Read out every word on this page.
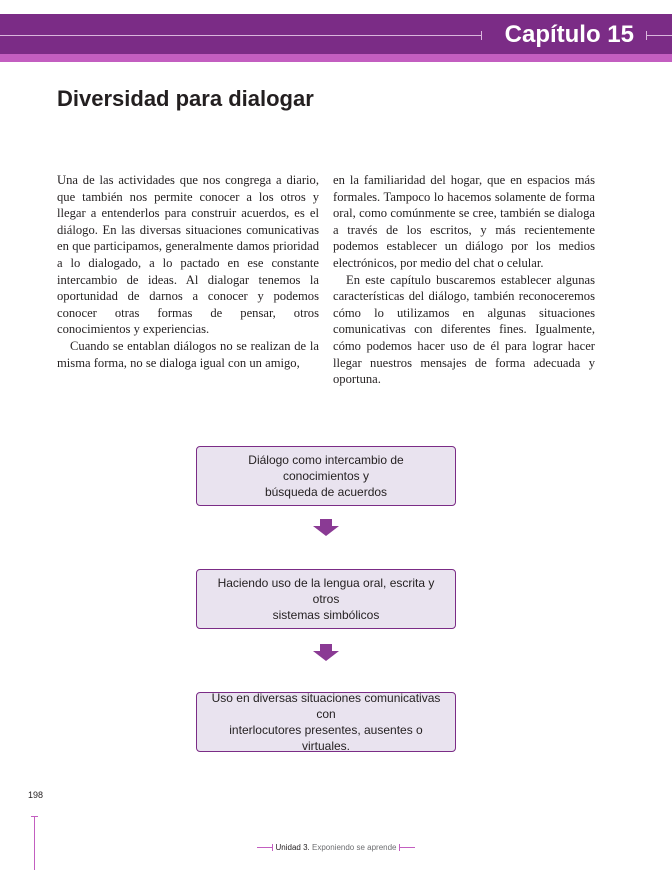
Capítulo 15
Diversidad para dialogar

Una de las actividades que nos congrega a diario, que también nos permite conocer a los otros y llegar a entenderlos para construir acuerdos, es el diálogo. En las diversas situaciones comunicativas en que participamos, generalmente damos prioridad a lo dialogado, a lo pactado en ese constante intercambio de ideas. Al dialogar tenemos la oportunidad de darnos a conocer y podemos conocer otras formas de pensar, otros conocimientos y experiencias.

Cuando se entablan diálogos no se realizan de la misma forma, no se dialoga igual con un amigo,

en la familiaridad del hogar, que en espacios más formales. Tampoco lo hacemos solamente de forma oral, como comúnmente se cree, también se dialoga a través de los escritos, y más recientemente podemos establecer un diálogo por los medios electrónicos, por medio del chat o celular.

En este capítulo buscaremos establecer algunas características del diálogo, también reconoceremos cómo lo utilizamos en algunas situaciones comunicativas con diferentes fines. Igualmente, cómo podemos hacer uso de él para lograr hacer llegar nuestros mensajes de forma adecuada y oportuna.

Diálogo como intercambio de conocimientos y
búsqueda de acuerdos
Haciendo uso de la lengua oral, escrita y otros
sistemas simbólicos
Uso en diversas situaciones comunicativas con
interlocutores presentes, ausentes o virtuales.
198
Unidad 3. Exponiendo se aprende
